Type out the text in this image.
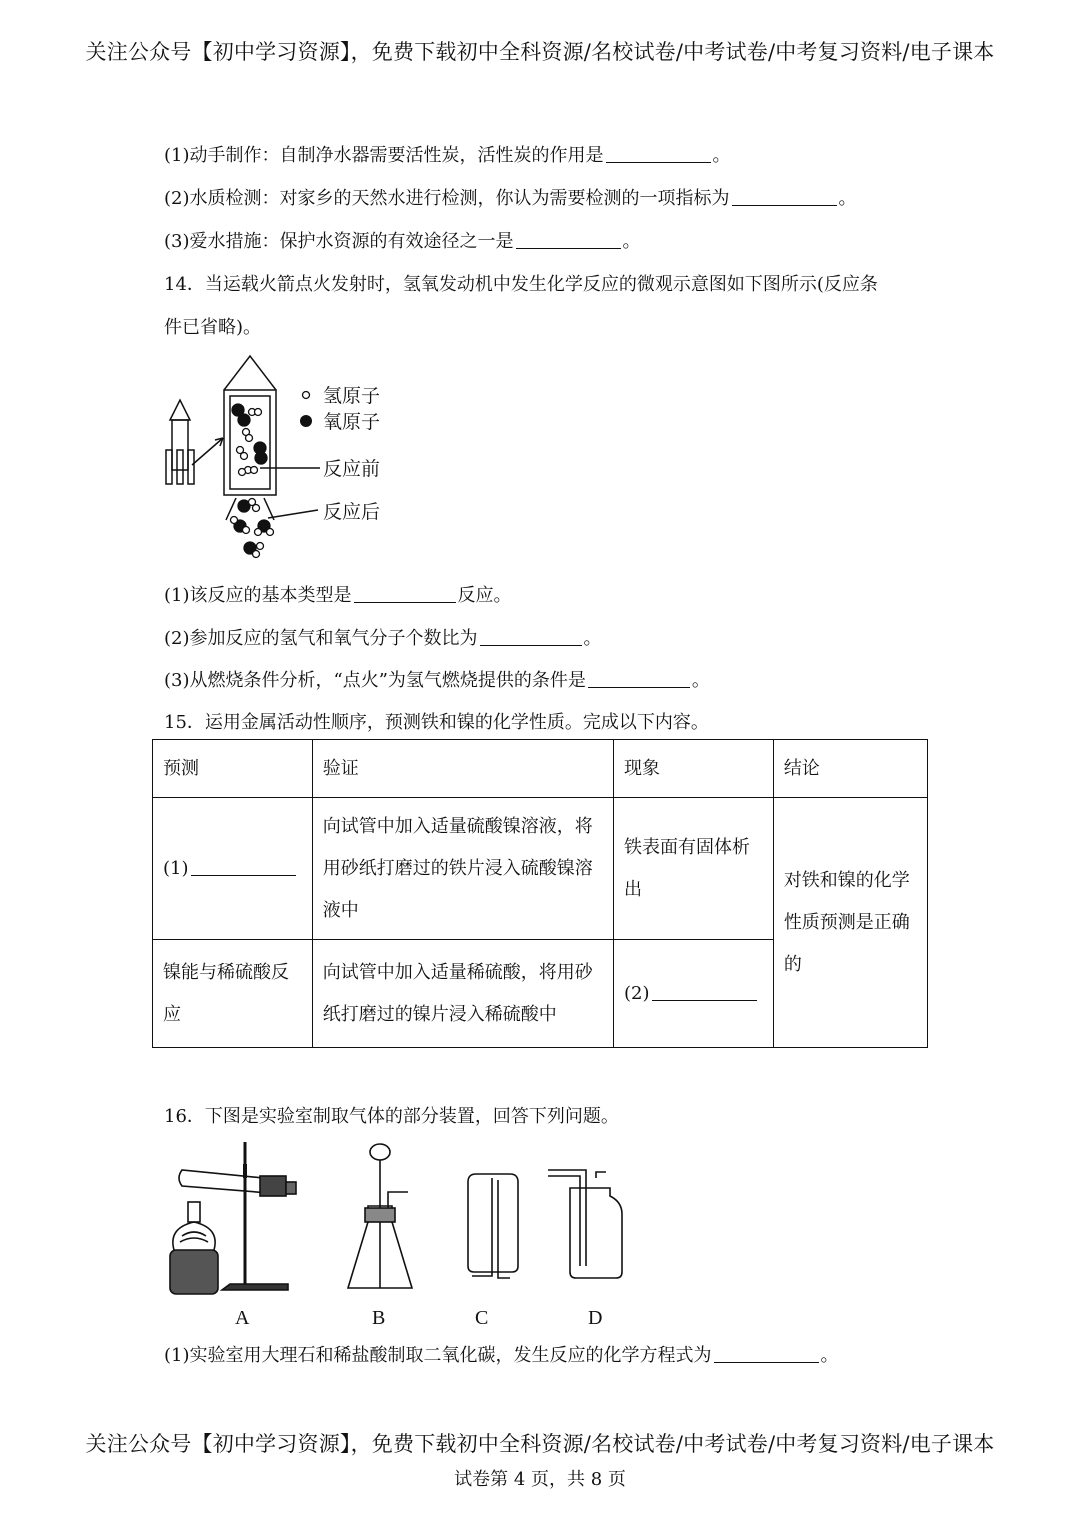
关注公众号【初中学习资源】，免费下载初中全科资源/名校试卷/中考试卷/中考复习资料/电子课本
(1)动手制作：自制净水器需要活性炭，活性炭的作用是	。
(2)水质检测：对家乡的天然水进行检测，你认为需要检测的一项指标为	。
(3)爱水措施：保护水资源的有效途径之一是	。
14．当运载火箭点火发射时，氢氧发动机中发生化学反应的微观示意图如下图所示(反应条
件已省略)。
氢原子
氧原子
反应前
反应后
(1)该反应的基本类型是	反应。
(2)参加反应的氢气和氧气分子个数比为	。
(3)从燃烧条件分析，“点火”为氢气燃烧提供的条件是	。
15．运用金属活动性顺序，预测铁和镍的化学性质。完成以下内容。
预测	验证	现象	结论
(1)	向试管中加入适量硫酸镍溶液，将用砂纸打磨过的铁片浸入硫酸镍溶液中	铁表面有固体析出	对铁和镍的化学性质预测是正确的
镍能与稀硫酸反应	向试管中加入适量稀硫酸，将用砂纸打磨过的镍片浸入稀硫酸中	(2)	
16．下图是实验室制取气体的部分装置，回答下列问题。
A	B	C	D
(1)实验室用大理石和稀盐酸制取二氧化碳，发生反应的化学方程式为	。
关注公众号【初中学习资源】，免费下载初中全科资源/名校试卷/中考试卷/中考复习资料/电子课本
试卷第 4 页，共 8 页
